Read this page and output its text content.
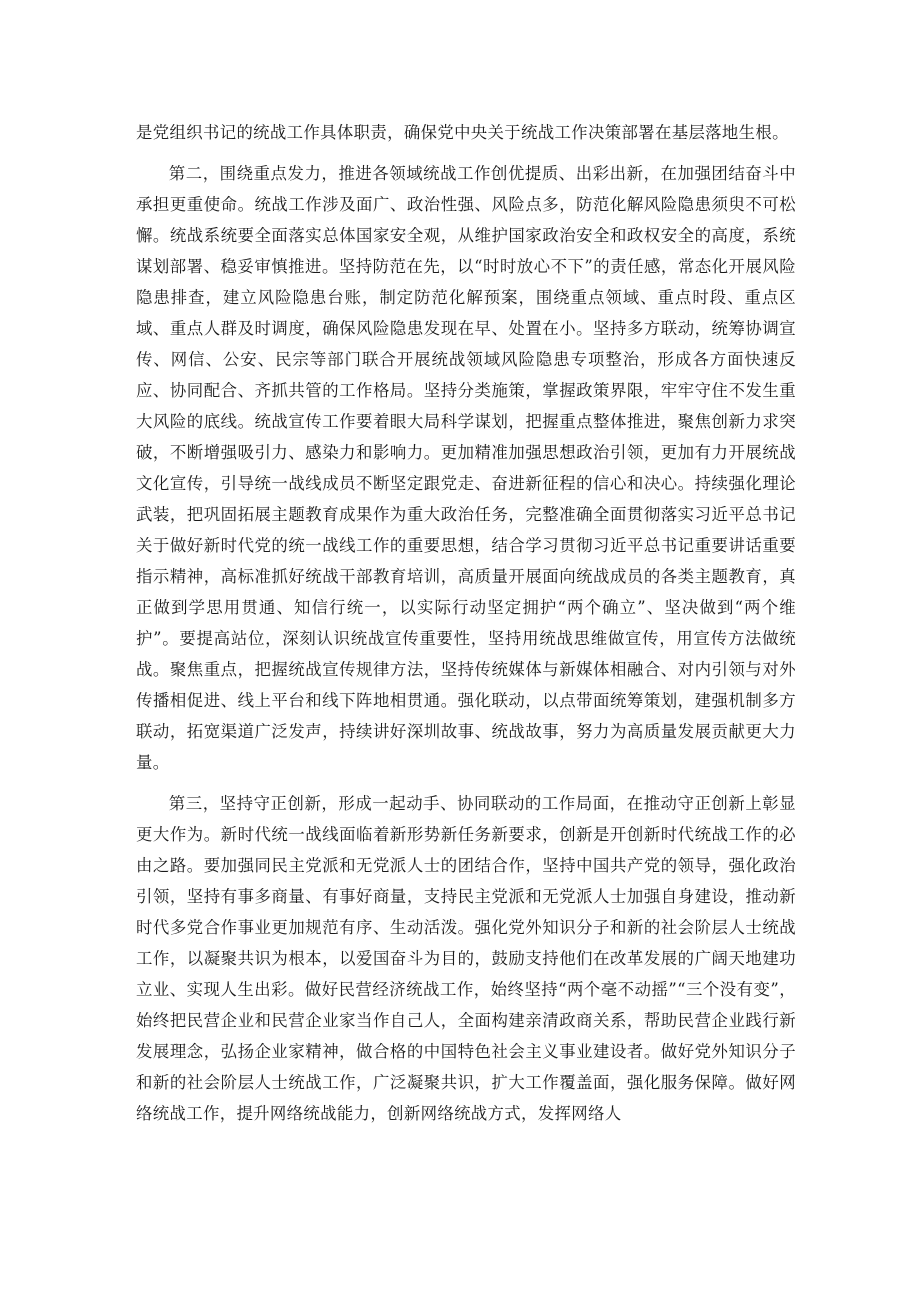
是党组织书记的统战工作具体职责，确保党中央关于统战工作决策部署在基层落地生根。

第二，围绕重点发力，推进各领域统战工作创优提质、出彩出新，在加强团结奋斗中承担更重使命。统战工作涉及面广、政治性强、风险点多，防范化解风险隐患须臾不可松懈。统战系统要全面落实总体国家安全观，从维护国家政治安全和政权安全的高度，系统谋划部署、稳妥审慎推进。坚持防范在先，以“时时放心不下”的责任感，常态化开展风险隐患排查，建立风险隐患台账，制定防范化解预案，围绕重点领域、重点时段、重点区域、重点人群及时调度，确保风险隐患发现在早、处置在小。坚持多方联动，统筹协调宣传、网信、公安、民宗等部门联合开展统战领域风险隐患专项整治，形成各方面快速反应、协同配合、齐抓共管的工作格局。坚持分类施策，掌握政策界限，牢牢守住不发生重大风险的底线。统战宣传工作要着眼大局科学谋划，把握重点整体推进，聚焦创新力求突破，不断增强吸引力、感染力和影响力。更加精准加强思想政治引领，更加有力开展统战文化宣传，引导统一战线成员不断坚定跟党走、奋进新征程的信心和决心。持续强化理论武装，把巩固拓展主题教育成果作为重大政治任务，完整准确全面贯彻落实习近平总书记关于做好新时代党的统一战线工作的重要思想，结合学习贯彻习近平总书记重要讲话重要指示精神，高标准抓好统战干部教育培训，高质量开展面向统战成员的各类主题教育，真正做到学思用贯通、知信行统一，以实际行动坚定拥护“两个确立”、坚决做到“两个维护”。要提高站位，深刻认识统战宣传重要性，坚持用统战思维做宣传，用宣传方法做统战。聚焦重点，把握统战宣传规律方法，坚持传统媒体与新媒体相融合、对内引领与对外传播相促进、线上平台和线下阵地相贯通。强化联动，以点带面统筹策划，建强机制多方联动，拓宽渠道广泛发声，持续讲好深圳故事、统战故事，努力为高质量发展贡献更大力量。

第三，坚持守正创新，形成一起动手、协同联动的工作局面，在推动守正创新上彰显更大作为。新时代统一战线面临着新形势新任务新要求，创新是开创新时代统战工作的必由之路。要加强同民主党派和无党派人士的团结合作，坚持中国共产党的领导，强化政治引领，坚持有事多商量、有事好商量，支持民主党派和无党派人士加强自身建设，推动新时代多党合作事业更加规范有序、生动活泼。强化党外知识分子和新的社会阶层人士统战工作，以凝聚共识为根本，以爱国奋斗为目的，鼓励支持他们在改革发展的广阔天地建功立业、实现人生出彩。做好民营经济统战工作，始终坚持“两个毫不动摇”“三个没有变”，始终把民营企业和民营企业家当作自己人，全面构建亲清政商关系，帮助民营企业践行新发展理念，弘扬企业家精神，做合格的中国特色社会主义事业建设者。做好党外知识分子和新的社会阶层人士统战工作，广泛凝聚共识，扩大工作覆盖面，强化服务保障。做好网络统战工作，提升网络统战能力，创新网络统战方式，发挥网络人
